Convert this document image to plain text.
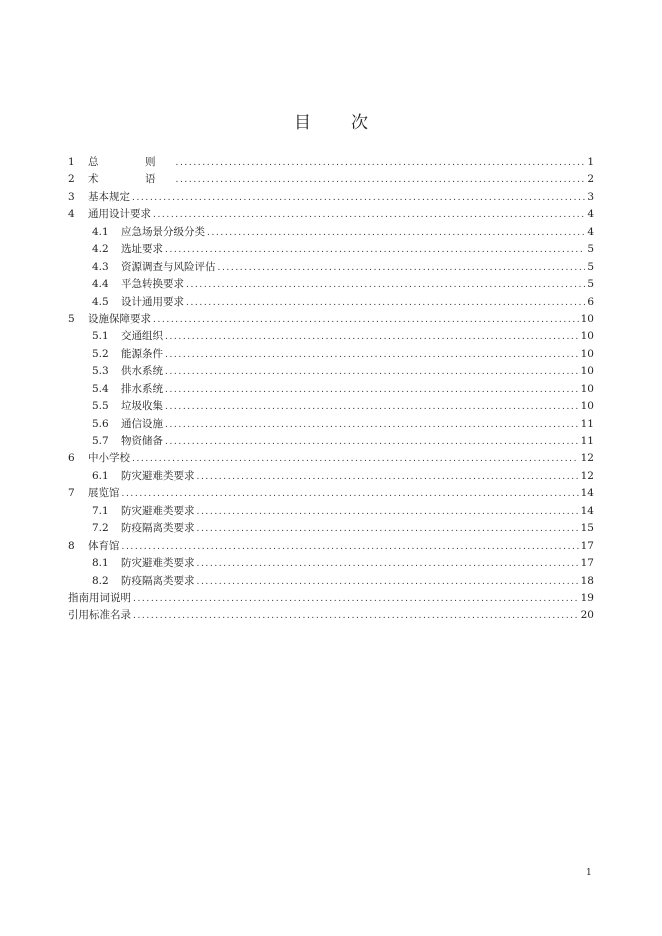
目 次
1	总　则 .....	1
2	术　语 .....	2
3	基本规定 .....	3
4	通用设计要求 .....	4
4.1	应急场景分级分类 .....	4
4.2	选址要求 .....	5
4.3	资源调查与风险评估 .....	5
4.4	平急转换要求 .....	5
4.5	设计通用要求 .....	6
5	设施保障要求 .....	10
5.1	交通组织 .....	10
5.2	能源条件 .....	10
5.3	供水系统 .....	10
5.4	排水系统 .....	10
5.5	垃圾收集 .....	10
5.6	通信设施 .....	11
5.7	物资储备 .....	11
6	中小学校 .....	12
6.1	防灾避难类要求 .....	12
7	展览馆 .....	14
7.1	防灾避难类要求 .....	14
7.2	防疫隔离类要求 .....	15
8	体育馆 .....	17
8.1	防灾避难类要求 .....	17
8.2	防疫隔离类要求 .....	18
指南用词说明 .....	19
引用标准名录 .....	20
1
